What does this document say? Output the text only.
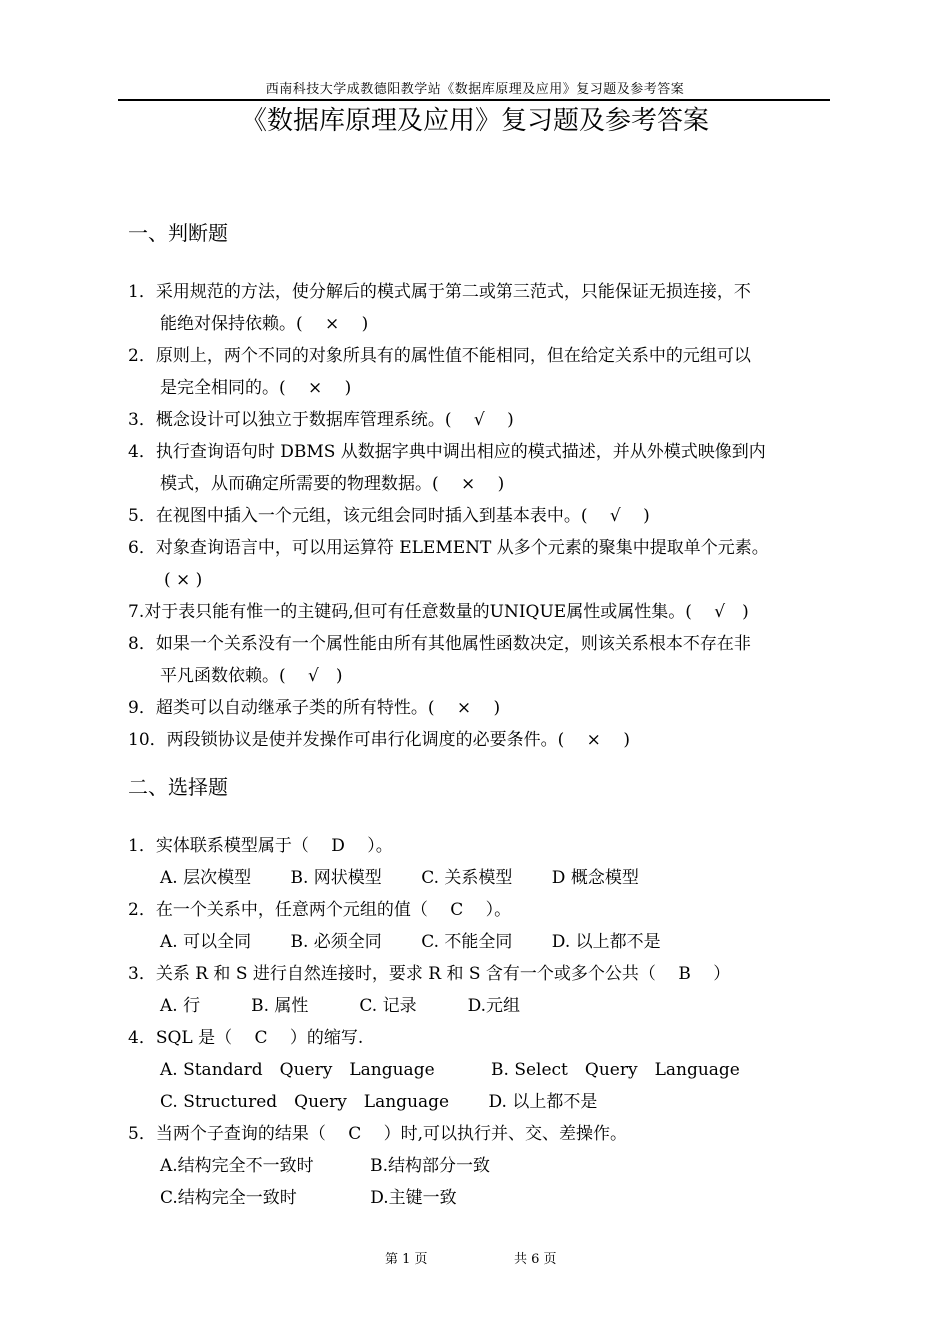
西南科技大学成教德阳教学站《数据库原理及应用》复习题及参考答案
《数据库原理及应用》复习题及参考答案
一、判断题
1．采用规范的方法，使分解后的模式属于第二或第三范式，只能保证无损连接，不
能绝对保持依赖。(　 ×　 )
2．原则上，两个不同的对象所具有的属性值不能相同，但在给定关系中的元组可以
是完全相同的。(　 ×　 )
3．概念设计可以独立于数据库管理系统。(　 √　 )
4．执行查询语句时 DBMS 从数据字典中调出相应的模式描述，并从外模式映像到内
模式，从而确定所需要的物理数据。(　 ×　 )
5．在视图中插入一个元组，该元组会同时插入到基本表中。(　 √　 )
6．对象查询语言中，可以用运算符 ELEMENT 从多个元素的聚集中提取单个元素。
( × )
7.对于表只能有惟一的主键码,但可有任意数量的UNIQUE属性或属性集。(　 √　)
8．如果一个关系没有一个属性能由所有其他属性函数决定，则该关系根本不存在非
平凡函数依赖。(　 √　)
9．超类可以自动继承子类的所有特性。(　 ×　 )
10．两段锁协议是使并发操作可串行化调度的必要条件。(　 ×　 )
二、选择题
1．实体联系模型属于（　 D　 ）。
A. 层次模型　　 B. 网状模型　　 C. 关系模型　　 D 概念模型
2．在一个关系中，任意两个元组的值（　 C　 ）。
A. 可以全同　　 B. 必须全同　　 C. 不能全同　　 D. 以上都不是
3．关系 R 和 S 进行自然连接时，要求 R 和 S 含有一个或多个公共（　 B　 ）
A. 行　　　B. 属性　　　C. 记录　　　D.元组
4．SQL 是（　 C　 ）的缩写.
A. Standard　Query　Language　　　 B. Select　Query　Language
C. Structured　Query　Language　　 D. 以上都不是
5．当两个子查询的结果（　 C　 ）时,可以执行并、交、差操作。
A.结构完全不一致时　　　 B.结构部分一致
C.结构完全一致时　　　　 D.主键一致
第 1 页	共 6 页
